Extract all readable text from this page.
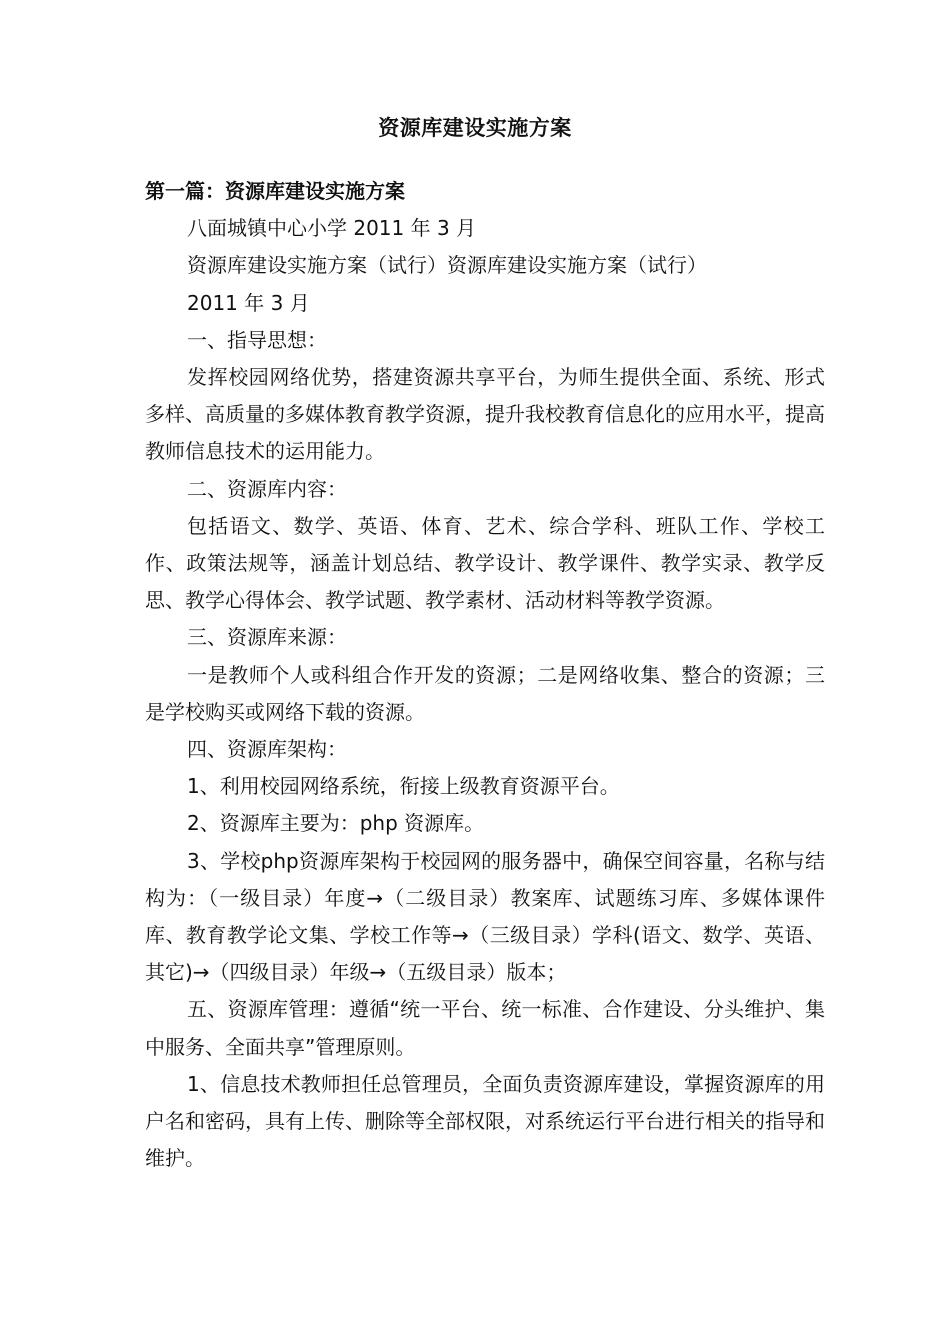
资源库建设实施方案

第一篇：资源库建设实施方案

八面城镇中心小学 2011 年 3 月

资源库建设实施方案（试行）资源库建设实施方案（试行）

2011 年 3 月

一、指导思想：

发挥校园网络优势，搭建资源共享平台，为师生提供全面、系统、形式多样、高质量的多媒体教育教学资源，提升我校教育信息化的应用水平，提高教师信息技术的运用能力。

二、资源库内容：

包括语文、数学、英语、体育、艺术、综合学科、班队工作、学校工作、政策法规等，涵盖计划总结、教学设计、教学课件、教学实录、教学反思、教学心得体会、教学试题、教学素材、活动材料等教学资源。

三、资源库来源：

一是教师个人或科组合作开发的资源；二是网络收集、整合的资源；三是学校购买或网络下载的资源。

四、资源库架构：

1、利用校园网络系统，衔接上级教育资源平台。

2、资源库主要为：php 资源库。

3、学校php资源库架构于校园网的服务器中，确保空间容量，名称与结构为：（一级目录）年度→（二级目录）教案库、试题练习库、多媒体课件库、教育教学论文集、学校工作等→（三级目录）学科(语文、数学、英语、其它)→（四级目录）年级→（五级目录）版本；

五、资源库管理：遵循“统一平台、统一标准、合作建设、分头维护、集中服务、全面共享”管理原则。

1、信息技术教师担任总管理员，全面负责资源库建设，掌握资源库的用户名和密码，具有上传、删除等全部权限，对系统运行平台进行相关的指导和维护。
